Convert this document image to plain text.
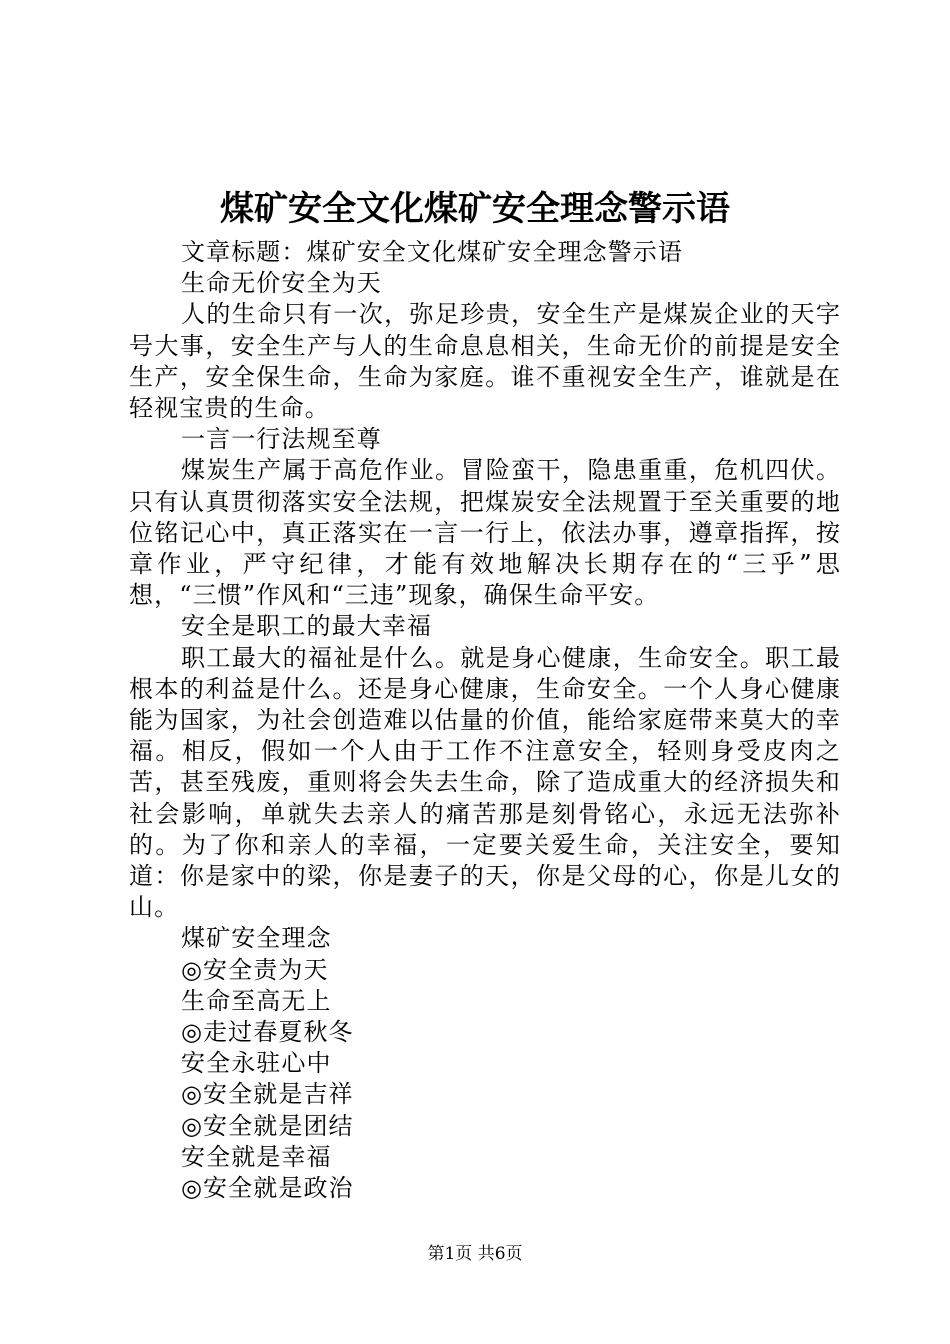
煤矿安全文化煤矿安全理念警示语

文章标题：煤矿安全文化煤矿安全理念警示语

生命无价安全为天

人的生命只有一次，弥足珍贵，安全生产是煤炭企业的天字号大事，安全生产与人的生命息息相关，生命无价的前提是安全生产，安全保生命，生命为家庭。谁不重视安全生产，谁就是在轻视宝贵的生命。

一言一行法规至尊

煤炭生产属于高危作业。冒险蛮干，隐患重重，危机四伏。只有认真贯彻落实安全法规，把煤炭安全法规置于至关重要的地位铭记心中，真正落实在一言一行上，依法办事，遵章指挥，按章作业，严守纪律，才能有效地解决长期存在的“三乎”思想，“三惯”作风和“三违”现象，确保生命平安。

安全是职工的最大幸福

职工最大的福祉是什么。就是身心健康，生命安全。职工最根本的利益是什么。还是身心健康，生命安全。一个人身心健康能为国家，为社会创造难以估量的价值，能给家庭带来莫大的幸福。相反，假如一个人由于工作不注意安全，轻则身受皮肉之苦，甚至残废，重则将会失去生命，除了造成重大的经济损失和社会影响，单就失去亲人的痛苦那是刻骨铭心，永远无法弥补的。为了你和亲人的幸福，一定要关爱生命，关注安全，要知道：你是家中的梁，你是妻子的天，你是父母的心，你是儿女的山。

煤矿安全理念

◎安全责为天

生命至高无上

◎走过春夏秋冬

安全永驻心中

◎安全就是吉祥

◎安全就是团结

安全就是幸福

◎安全就是政治

第1页 共6页
